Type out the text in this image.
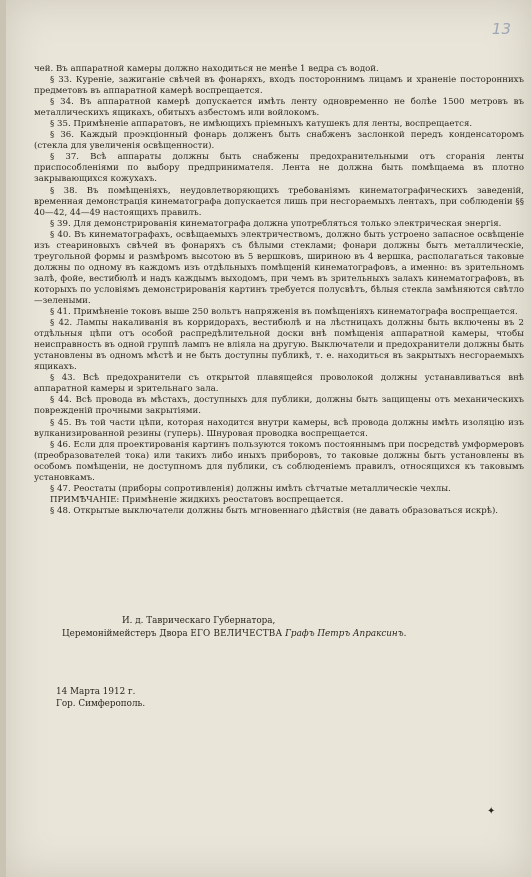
13

чей. Въ аппаратной камеры должно находиться не менѣе 1 ведра съ водой.

§ 33. Куреніе, зажиганіе свѣчей въ фонаряхъ, входъ постороннимъ лицамъ и храненіе постороннихъ предметовъ въ аппаратной камерѣ воспрещается.

§ 34. Въ аппаратной камерѣ допускается имѣть ленту одновременно не болѣе 1500 метровъ въ металлическихъ ящикахъ, обитыхъ азбестомъ или войлокомъ.

§ 35. Примѣненіе аппаратовъ, не имѣющихъ пріемныхъ катушекъ для ленты, воспрещается.

§ 36. Каждый проэкціонный фонарь долженъ быть снабженъ заслонкой передъ конденсаторомъ (стекла для увеличенія освѣщенности).

§ 37. Всѣ аппараты должны быть снабжены предохранительными отъ сгоранія ленты приспособленіями по выбору предпринимателя. Лента не должна быть помѣщаема въ плотно закрывающихся кожухахъ.

§ 38. Въ помѣщеніяхъ, неудовлетворяющихъ требованіямъ кинематографическихъ заведеній, временная демонстрація кинематографа допускается лишь при несгораемыхъ лентахъ, при соблюденіи §§ 40—42, 44—49 настоящихъ правилъ.

§ 39. Для демонстрированія кинематографа должна употребляться только электрическая энергія.

§ 40. Въ кинематографахъ, освѣщаемыхъ электричествомъ, должно быть устроено запасное освѣщеніе изъ стеариновыхъ свѣчей въ фонаряхъ съ бѣлыми стеклами; фонари должны быть металлическіе, треугольной формы и размѣромъ высотою въ 5 вершковъ, шириною въ 4 вершка, располагаться таковые должны по одному въ каждомъ изъ отдѣльныхъ помѣщеній кинематографовъ, а именно: въ зрительномъ залѣ, фойе, вестибюлѣ и надъ каждымъ выходомъ, при чемъ въ зрительныхъ залахъ кинематографовъ, въ которыхъ по условіямъ демонстрированія картинъ требуется полусвѣтъ, бѣлыя стекла замѣняются свѣтло—зелеными.

§ 41. Примѣненіе токовъ выше 250 вольтъ напряженія въ помѣщеніяхъ кинематографа воспрещается.

§ 42. Лампы накаливанія въ корридорахъ, вестибюлѣ и на лѣстницахъ должны быть включены въ 2 отдѣльныя цѣпи отъ особой распредѣлительной доски внѣ помѣщенія аппаратной камеры, чтобы неисправность въ одной группѣ лампъ не вліяла на другую. Выключатели и предохранители должны быть установлены въ одномъ мѣстѣ и не быть доступны публикѣ, т. е. находиться въ закрытыхъ несгораемыхъ ящикахъ.

§ 43. Всѣ предохранители съ открытой плавящейся проволокой должны устанавливаться внѣ аппаратной камеры и зрительнаго зала.

§ 44. Всѣ провода въ мѣстахъ, доступныхъ для публики, должны быть защищены отъ механическихъ поврежденій прочными закрытіями.

§ 45. Въ той части цѣпи, которая находится внутри камеры, всѣ провода должны имѣть изоляцію изъ вулканизированной резины (гуперь). Шнуровая проводка воспрещается.

§ 46. Если для проектированія картинъ пользуются токомъ постояннымъ при посредствѣ умформеровъ (преобразователей тока) или такихъ либо иныхъ приборовъ, то таковые должны быть установлены въ особомъ помѣщеніи, не доступномъ для публики, съ соблюденіемъ правилъ, относящихся къ таковымъ установкамъ.

§ 47. Реостаты (приборы сопротивленія) должны имѣть сѣтчатые металлическіе чехлы.

ПРИМѢЧАНІЕ: Примѣненіе жидкихъ реостатовъ воспрещается.

§ 48. Открытые выключатели должны быть мгновеннаго дѣйствія (не давать образоваться искрѣ).

И. д. Таврическаго Губернатора,
Церемоніймейстеръ Двора ЕГО ВЕЛИЧЕСТВА Графъ Петръ Апраксинъ.
14 Марта 1912 г.
Гор. Симферополь.
✦
